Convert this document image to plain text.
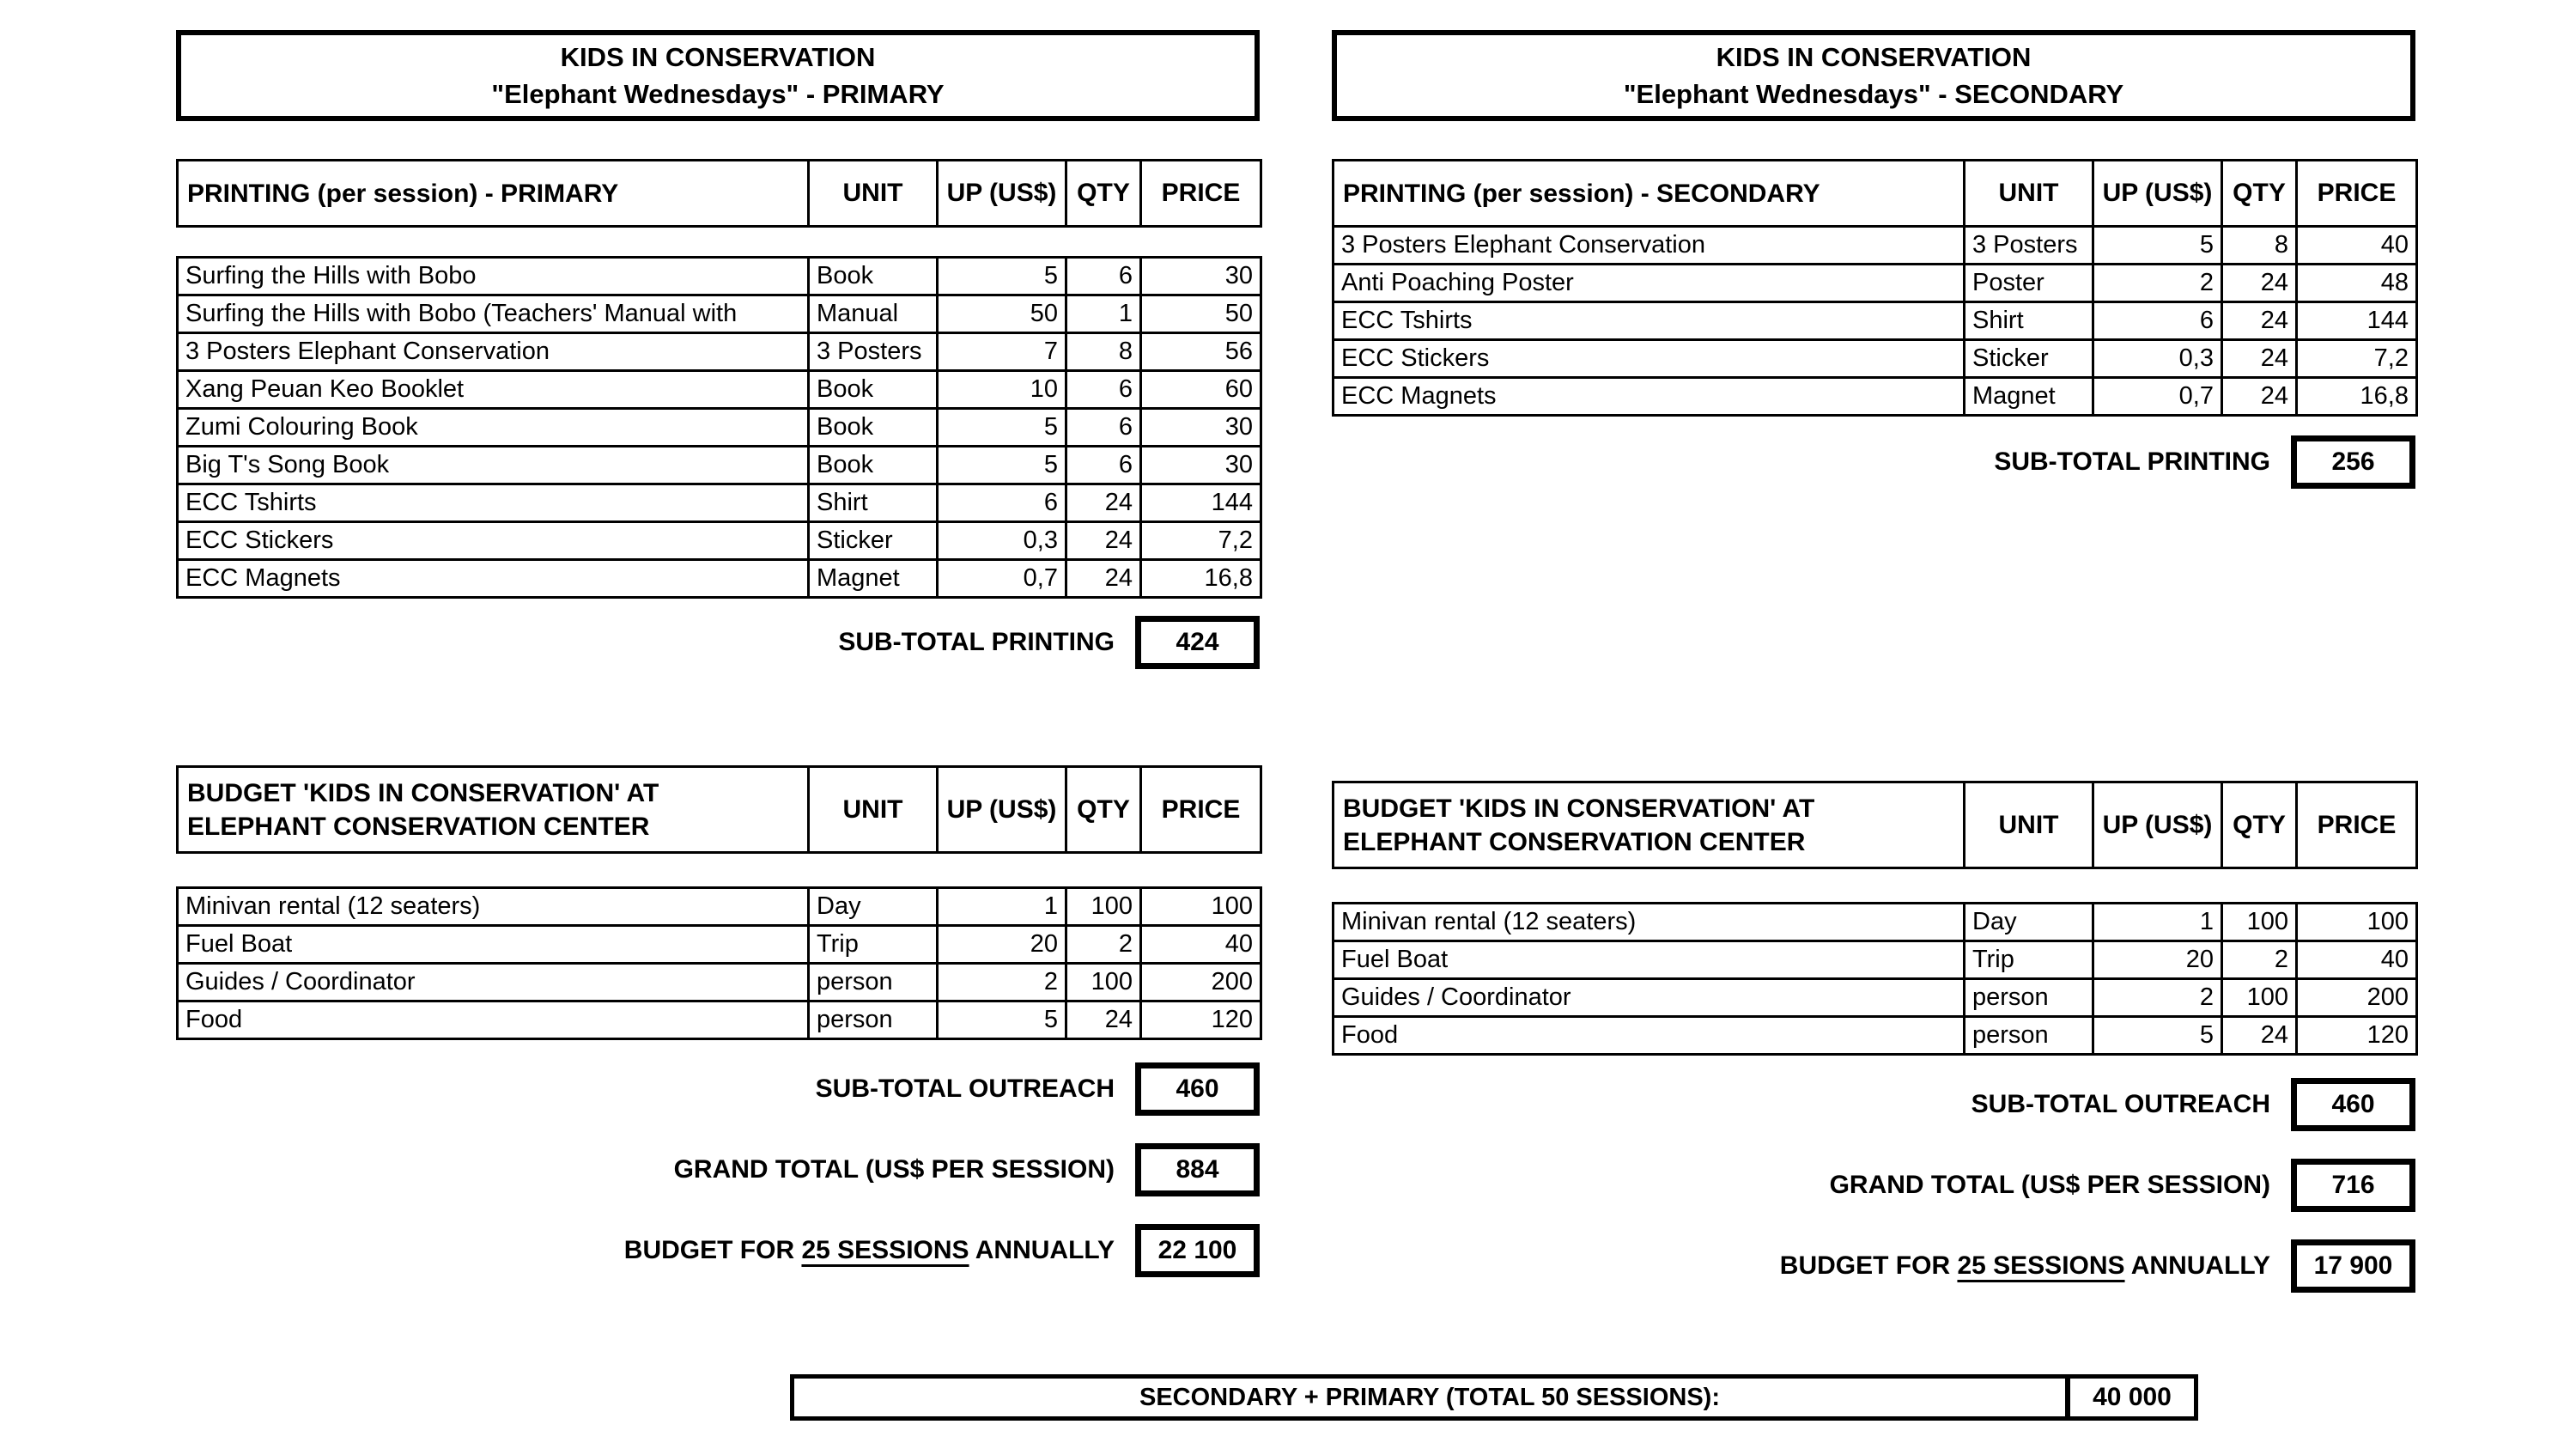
KIDS IN CONSERVATION
"Elephant Wednesdays" - PRIMARY
PRINTING (per session) - PRIMARY	UNIT	UP (US$)	QTY	PRICE
Surfing the Hills with Bobo	Book	5	6	30
Surfing the Hills with Bobo (Teachers' Manual with	Manual	50	1	50
3 Posters Elephant Conservation	3 Posters	7	8	56
Xang Peuan Keo Booklet	Book	10	6	60
Zumi Colouring Book	Book	5	6	30
Big T's Song Book	Book	5	6	30
ECC Tshirts	Shirt	6	24	144
ECC Stickers	Sticker	0,3	24	7,2
ECC Magnets	Magnet	0,7	24	16,8
SUB-TOTAL PRINTING	424
BUDGET 'KIDS IN CONSERVATION' AT ELEPHANT CONSERVATION CENTER	UNIT	UP (US$)	QTY	PRICE
Minivan rental (12 seaters)	Day	1	100	100
Fuel Boat	Trip	20	2	40
Guides / Coordinator	person	2	100	200
Food	person	5	24	120
SUB-TOTAL OUTREACH	460
GRAND TOTAL (US$ PER SESSION)	884
BUDGET FOR 25 SESSIONS ANNUALLY	22 100
KIDS IN CONSERVATION
"Elephant Wednesdays" - SECONDARY
PRINTING (per session) - SECONDARY	UNIT	UP (US$)	QTY	PRICE
3 Posters Elephant Conservation	3 Posters	5	8	40
Anti Poaching Poster	Poster	2	24	48
ECC Tshirts	Shirt	6	24	144
ECC Stickers	Sticker	0,3	24	7,2
ECC Magnets	Magnet	0,7	24	16,8
SUB-TOTAL PRINTING	256
BUDGET 'KIDS IN CONSERVATION' AT ELEPHANT CONSERVATION CENTER	UNIT	UP (US$)	QTY	PRICE
Minivan rental (12 seaters)	Day	1	100	100
Fuel Boat	Trip	20	2	40
Guides / Coordinator	person	2	100	200
Food	person	5	24	120
SUB-TOTAL OUTREACH	460
GRAND TOTAL (US$ PER SESSION)	716
BUDGET FOR 25 SESSIONS ANNUALLY	17 900
SECONDARY + PRIMARY (TOTAL 50 SESSIONS):	40 000
